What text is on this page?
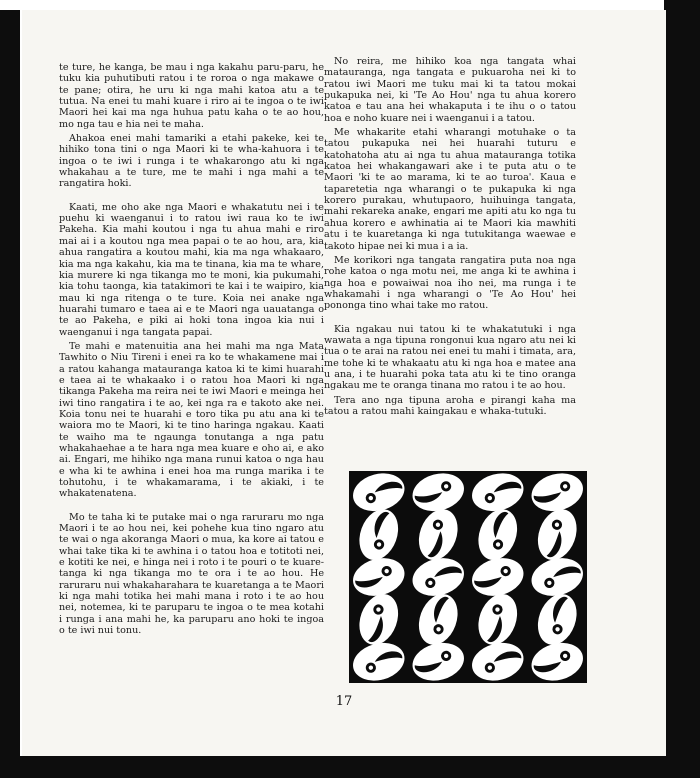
te ture, he kanga, be mau i nga kakahu paru-paru, he tuku kia puhutibuti ratou i te roroa o nga makawe o te pane; otira, he uru ki nga mahi katoa atu a te tutua. Na enei tu mahi kuare i riro ai te ingoa o te iwi Maori hei kai ma nga huhua patu kaha o te ao hou, mo nga tau e hia nei te maha.

Ahakoa enei mahi tamariki a etahi pakeke, kei te hihiko tona tini o nga Maori ki te wha-kahuora i te ingoa o te iwi i runga i te whakarongo atu ki nga whakahau a te ture, me te mahi i nga mahi a te rangatira hoki.

Kaati, me oho ake nga Maori e whakatutu nei i te puehu ki waenganui i to ratou iwi raua ko te iwi Pakeha. Kia mahi koutou i nga tu ahua mahi e riro mai ai i a koutou nga mea papai o te ao hou, ara, kia ahua rangatira a koutou mahi, kia ma nga whakaaro, kia ma nga kakahu, kia ma te tinana, kia ma te whare, kia murere ki nga tikanga mo te moni, kia pukumahi, kia tohu taonga, kia tatakimori te kai i te waipiro, kia mau ki nga ritenga o te ture. Koia nei anake nga huarahi tumaro e taea ai e te Maori nga uauatanga o te ao Pakeha, e piki ai hoki tona ingoa kia nui i waenganui i nga tangata papai.

Te mahi e matenuitia ana hei mahi ma nga Mata Tawhito o Niu Tireni i enei ra ko te whakamene mai i a ratou kahanga matauranga katoa ki te kimi huarahi e taea ai te whakaako i o ratou hoa Maori ki nga tikanga Pakeha ma reira nei te iwi Maori e meinga hei iwi tino rangatira i te ao, kei nga ra e takoto ake nei. Koia tonu nei te huarahi e toro tika pu atu ana ki te waiora mo te Maori, ki te tino haringa ngakau. Kaati te waiho ma te ngaunga tonutanga a nga patu whakahaehae a te hara nga mea kuare e oho ai, e ako ai. Engari, me hihiko nga mana runui katoa o nga hau e wha ki te awhina i enei hoa ma runga marika i te tohutohu, i te whakamarama, i te akiaki, i te whakatenatena.

Mo te taha ki te putake mai o nga raruraru mo nga Maori i te ao hou nei, kei pohehe kua tino ngaro atu te wai o nga akoranga Maori o mua, ka kore ai tatou e whai take tika ki te awhina i o tatou hoa e totitoti nei, e kotiti ke nei, e hinga nei i roto i te pouri o te kuare-tanga ki nga tikanga mo te ora i te ao hou. He raruraru nui whakaharahara te kuaretanga a te Maori ki nga mahi totika hei mahi mana i roto i te ao hou nei, notemea, ki te paruparu te ingoa o te mea kotahi i runga i ana mahi he, ka paruparu ano hoki te ingoa o te iwi nui tonu.

No reira, me hihiko koa nga tangata whai matauranga, nga tangata e pukuaroha nei ki to ratou iwi Maori me tuku mai ki ta tatou mokai pukapuka nei, ki 'Te Ao Hou' nga tu ahua korero katoa e tau ana hei whakaputa i te ihu o o tatou hoa e noho kuare nei i waenganui i a tatou.

Me whakarite etahi wharangi motuhake o ta tatou pukapuka nei hei huarahi tuturu e katohatoha atu ai nga tu ahua matauranga totika katoa hei whakangawari ake i te puta atu o te Maori 'ki te ao marama, ki te ao turoa'. Kaua e taparetetia nga wharangi o te pukapuka ki nga korero purakau, whutupaoro, huihuinga tangata, mahi rekareka anake, engari me apiti atu ko nga tu ahua korero e awhinatia ai te Maori kia mawhiti atu i te kuaretanga ki nga tutukitanga waewae e takoto hipae nei ki mua i a ia.

Me korikori nga tangata rangatira puta noa nga rohe katoa o nga motu nei, me anga ki te awhina i nga hoa e powaiwai noa iho nei, ma runga i te whakamahi i nga wharangi o 'Te Ao Hou' hei pononga tino whai take mo ratou.

Kia ngakau nui tatou ki te whakatutuki i nga wawata a nga tipuna rongonui kua ngaro atu nei ki tua o te arai na ratou nei enei tu mahi i timata, ara, me tohe ki te whakaatu atu ki nga hoa e matee ana u ana, i te huarahi poka tata atu ki te tino oranga ngakau me te oranga tinana mo ratou i te ao hou.

Tera ano nga tipuna aroha e pirangi kaha ma tatou a ratou mahi kaingakau e whaka-tutuki.

17
